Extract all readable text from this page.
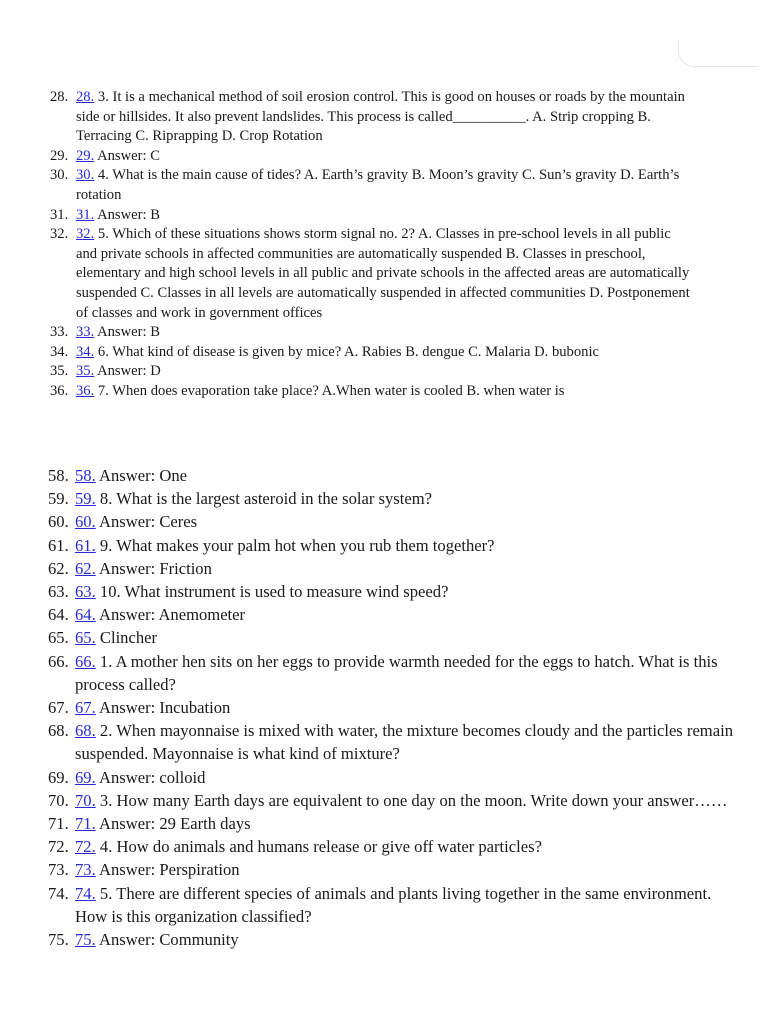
28. 28. 3. It is a mechanical method of soil erosion control. This is good on houses or roads by the mountain side or hillsides. It also prevent landslides. This process is called__________. A. Strip cropping B. Terracing C. Riprapping D. Crop Rotation
29. 29. Answer: C
30. 30. 4. What is the main cause of tides? A. Earth’s gravity B. Moon’s gravity C. Sun’s gravity D. Earth’s rotation
31. 31. Answer: B
32. 32. 5. Which of these situations shows storm signal no. 2? A. Classes in pre-school levels in all public and private schools in affected communities are automatically suspended B. Classes in preschool, elementary and high school levels in all public and private schools in the affected areas are automatically suspended C. Classes in all levels are automatically suspended in affected communities D. Postponement of classes and work in government offices
33. 33. Answer: B
34. 34. 6. What kind of disease is given by mice? A. Rabies B. dengue C. Malaria D. bubonic
35. 35. Answer: D
36. 36. 7. When does evaporation take place? A.When water is cooled B. when water is
58. 58. Answer: One
59. 59. 8. What is the largest asteroid in the solar system?
60. 60. Answer: Ceres
61. 61. 9. What makes your palm hot when you rub them together?
62. 62. Answer: Friction
63. 63. 10. What instrument is used to measure wind speed?
64. 64. Answer: Anemometer
65. 65. Clincher
66. 66. 1. A mother hen sits on her eggs to provide warmth needed for the eggs to hatch. What is this process called?
67. 67. Answer: Incubation
68. 68. 2. When mayonnaise is mixed with water, the mixture becomes cloudy and the particles remain suspended. Mayonnaise is what kind of mixture?
69. 69. Answer: colloid
70. 70. 3. How many Earth days are equivalent to one day on the moon. Write down your answer……
71. 71. Answer: 29 Earth days
72. 72. 4. How do animals and humans release or give off water particles?
73. 73. Answer: Perspiration
74. 74. 5. There are different species of animals and plants living together in the same environment. How is this organization classified?
75. 75. Answer: Community
